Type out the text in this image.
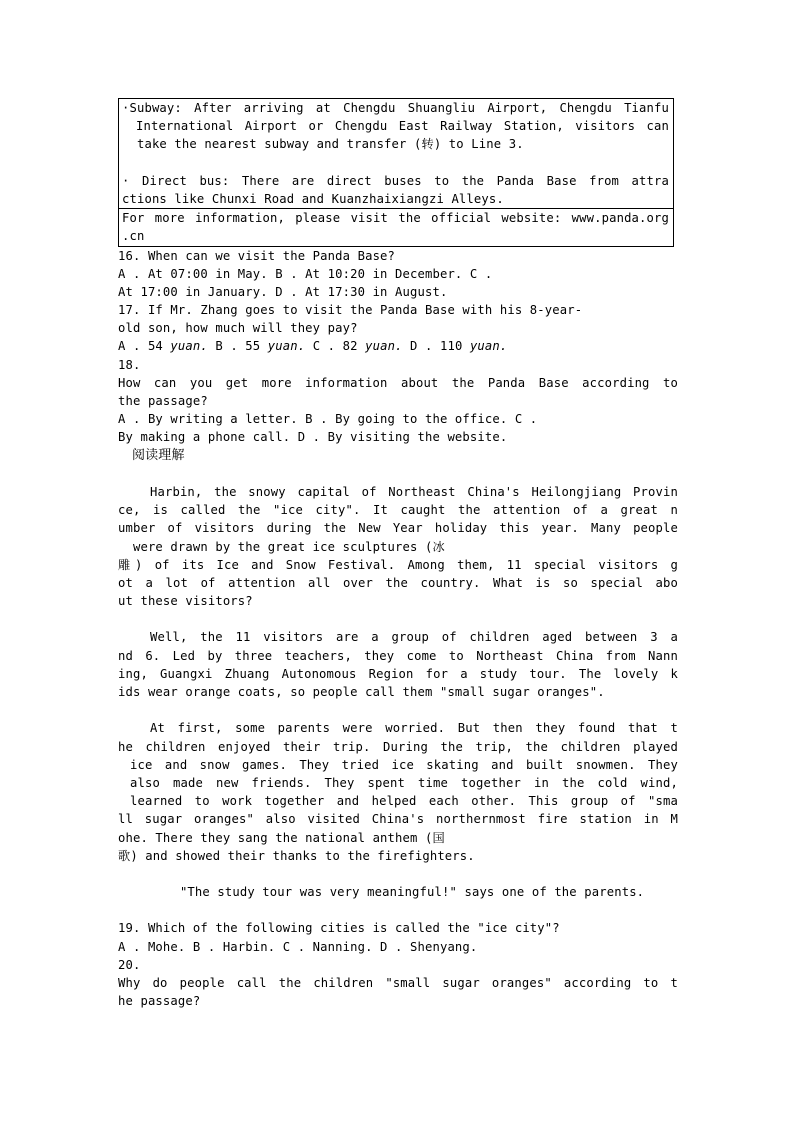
·Subway: After arriving at Chengdu Shuangliu Airport, Chengdu Tianfu
International Airport or Chengdu East Railway Station, visitors can
take the nearest subway and transfer (转) to Line 3.
· Direct bus: There are direct buses to the Panda Base from attra
ctions like Chunxi Road and Kuanzhaixiangzi Alleys.
For more information, please visit the official website: www.panda.org
.cn
16. When can we visit the Panda Base?
A . At 07:00 in May. B . At 10:20 in December. C .
At 17:00 in January. D . At 17:30 in August.
17. If Mr. Zhang goes to visit the Panda Base with his 8-year-
old son, how much will they pay?
A . 54 yuan. B . 55 yuan. C . 82 yuan. D . 110 yuan.
18.
How can you get more information about the Panda Base according to
the passage?
A . By writing a letter. B . By going to the office. C .
By making a phone call. D . By visiting the website.
阅读理解
Harbin, the snowy capital of Northeast China's Heilongjiang Provin
ce, is called the "ice city". It caught the attention of a great n
umber of visitors during the New Year holiday this year. Many people
were drawn by the great ice sculptures (冰
雕) of its Ice and Snow Festival. Among them, 11 special visitors g
ot a lot of attention all over the country. What is so special abo
ut these visitors?
Well, the 11 visitors are a group of children aged between 3 a
nd 6. Led by three teachers, they come to Northeast China from Nann
ing, Guangxi Zhuang Autonomous Region for a study tour. The lovely k
ids wear orange coats, so people call them "small sugar oranges".
At first, some parents were worried. But then they found that t
he children enjoyed their trip. During the trip, the children played
ice and snow games. They tried ice skating and built snowmen. They
also made new friends. They spent time together in the cold wind,
learned to work together and helped each other. This group of "sma
ll sugar oranges" also visited China's northernmost fire station in M
ohe. There they sang the national anthem (国
歌) and showed their thanks to the firefighters.
"The study tour was very meaningful!" says one of the parents.
19. Which of the following cities is called the "ice city"?
A . Mohe. B . Harbin. C . Nanning. D . Shenyang.
20.
Why do people call the children "small sugar oranges" according to t
he passage?
